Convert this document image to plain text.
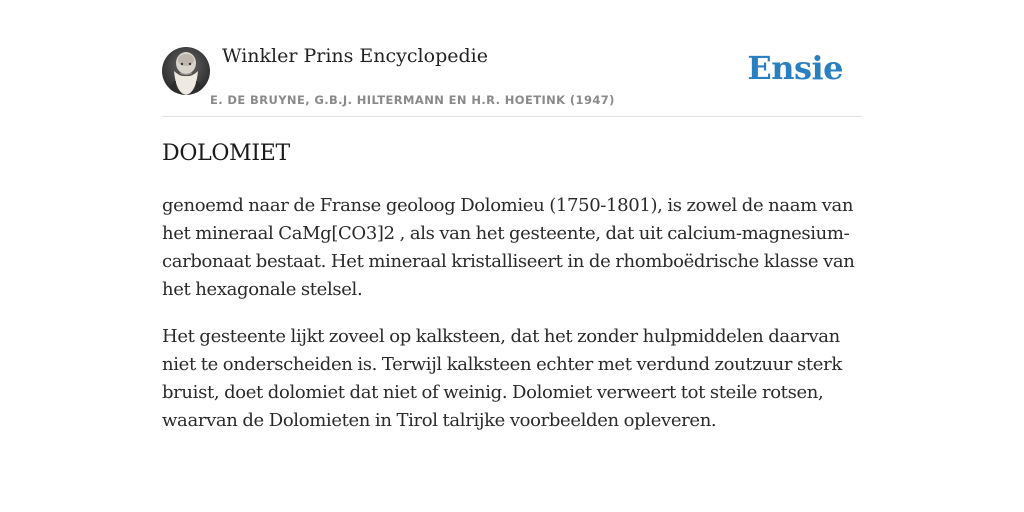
Winkler Prins Encyclopedie
E. DE BRUYNE, G.B.J. HILTERMANN EN H.R. HOETINK (1947)
Ensie
DOLOMIET

genoemd naar de Franse geoloog Dolomieu (1750-1801), is zowel de naam van het mineraal CaMg[CO3]2 , als van het gesteente, dat uit calcium-magnesium-carbonaat bestaat. Het mineraal kristalliseert in de rhomboëdrische klasse van het hexagonale stelsel.

Het gesteente lijkt zoveel op kalksteen, dat het zonder hulpmiddelen daarvan niet te onderscheiden is. Terwijl kalksteen echter met verdund zoutzuur sterk bruist, doet dolomiet dat niet of weinig. Dolomiet verweert tot steile rotsen, waarvan de Dolomieten in Tirol talrijke voorbeelden opleveren.
